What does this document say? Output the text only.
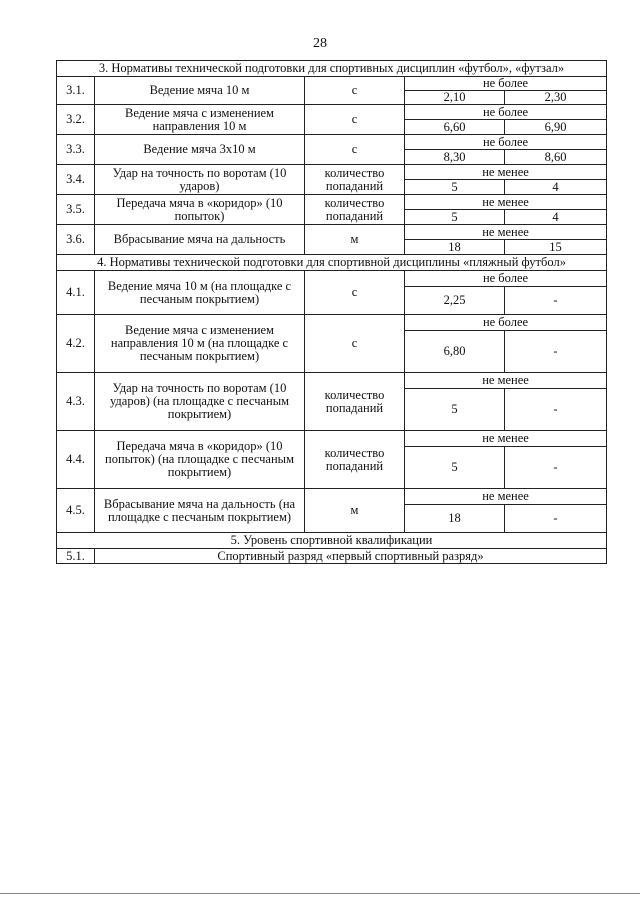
28
3. Нормативы технической подготовки для спортивных дисциплин «футбол», «футзал»				
3.1.	Ведение мяча 10 м	с	не более	
			2,10	2,30
3.2.	Ведение мяча с изменением направления 10 м	с	не более	
			6,60	6,90
3.3.	Ведение мяча 3х10 м	с	не более	
			8,30	8,60
3.4.	Удар на точность по воротам (10 ударов)	количество попаданий	не менее	
			5	4
3.5.	Передача мяча в «коридор» (10 попыток)	количество попаданий	не менее	
			5	4
3.6.	Вбрасывание мяча на дальность	м	не менее	
			18	15
4. Нормативы технической подготовки для спортивной дисциплины «пляжный футбол»				
4.1.	Ведение мяча 10 м (на площадке с песчаным покрытием)	с	не более	
			2,25	-
4.2.	Ведение мяча с изменением направления 10 м (на площадке с песчаным покрытием)	с	не более	
			6,80	-
4.3.	Удар на точность по воротам (10 ударов) (на площадке с песчаным покрытием)	количество попаданий	не менее	
			5	-
4.4.	Передача мяча в «коридор» (10 попыток) (на площадке с песчаным покрытием)	количество попаданий	не менее	
			5	-
4.5.	Вбрасывание мяча на дальность (на площадке с песчаным покрытием)	м	не менее	
			18	-
5. Уровень спортивной квалификации				
5.1.	Спортивный разряд «первый спортивный разряд»			
